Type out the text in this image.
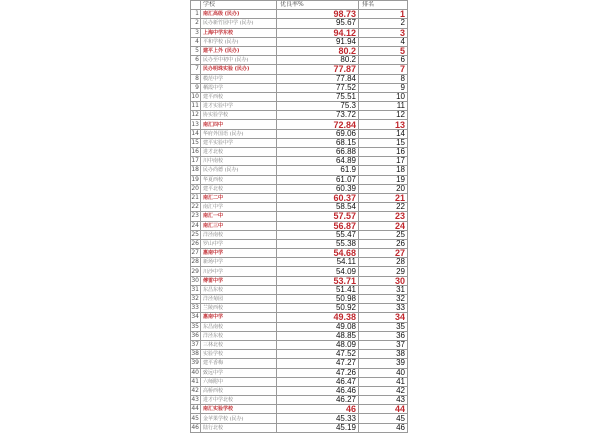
	学校	优良率%	排名
1	南汇高级 (民办)	98.73	1
2	民办新竹园中学 (民办)	95.67	2
3	上海中学东校	94.12	3
4	平和学校 (民办)	91.94	4
5	建平上外 (民办)	80.2	5
6	民办至中初中 (民办)	80.2	6
7	民办明珠实验 (民办)	77.87	7
8	模范中学	77.84	8
9	栖霞中学	77.52	9
10	建平西校	75.51	10
11	进才实验中学	75.3	11
12	协实验学校	73.72	12
13	南汇四中	72.84	13
14	华府外国语 (民办)	69.06	14
15	建平实验中学	68.15	15
16	进才北校	66.88	16
17	川中南校	64.89	17
18	民办尚德 (民办)	61.9	18
19	华夏西校	61.07	19
20	建平北校	60.39	20
21	南汇二中	60.37	21
22	南汇中学	58.54	22
23	南汇一中	57.57	23
24	南汇三中	56.87	24
25	洋泾南校	55.47	25
26	罗山中学	55.38	26
27	惠南中学	54.68	27
28	新场中学	54.11	28
29	川沙中学	54.09	29
30	傅雷中学	53.71	30
31	东昌东校	51.41	31
32	洋泾菊园	50.98	32
33	兰陵西校	50.92	33
34	惠南中学	49.38	34
35	东昌南校	49.08	35
36	洋泾东校	48.85	36
37	三林北校	48.09	37
38	实验学校	47.52	38
39	建平香梅	47.27	39
40	致远中学	47.26	40
41	六师附中	46.47	41
42	高桥西校	46.46	42
43	进才中学北校	46.27	43
44	南汇实验学校	46	44
45	金苹果学校 (民办)	45.33	45
46	陆行北校	45.19	46
